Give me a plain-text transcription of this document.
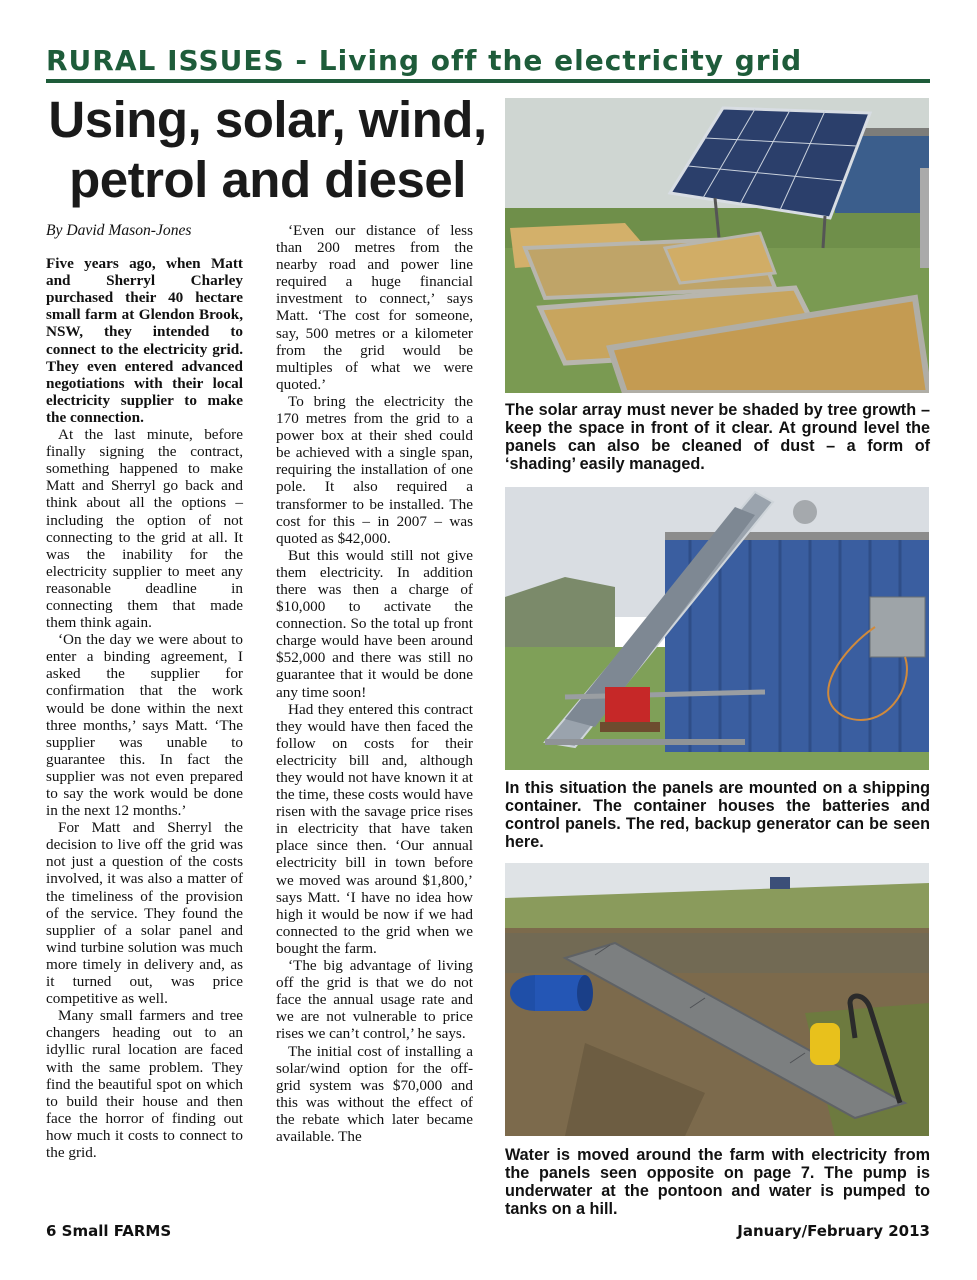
RURAL ISSUES - Living off the electricity grid
Using, solar, wind,
petrol and diesel

By David Mason-Jones

Five years ago, when Matt and Sherryl Charley purchased their 40 hectare small farm at Glendon Brook, NSW, they intended to connect to the electricity grid. They even entered advanced negotiations with their local electricity supplier to make the connection.

At the last minute, before finally signing the contract, something happened to make Matt and Sherryl go back and think about all the options – including the option of not connecting to the grid at all. It was the inability for the electricity supplier to meet any reasonable deadline in connecting them that made them think again.

‘On the day we were about to enter a binding agreement, I asked the supplier for confirmation that the work would be done within the next three months,’ says Matt. ‘The supplier was unable to guarantee this. In fact the supplier was not even prepared to say the work would be done in the next 12 months.’

For Matt and Sherryl the decision to live off the grid was not just a question of the costs involved, it was also a matter of the timeliness of the provision of the service. They found the supplier of a solar panel and wind turbine solution was much more timely in delivery and, as it turned out, was price competitive as well.

Many small farmers and tree changers heading out to an idyllic rural location are faced with the same problem. They find the beautiful spot on which to build their house and then face the horror of finding out how much it costs to connect to the grid.

‘Even our distance of less than 200 metres from the nearby road and power line required a huge financial investment to connect,’ says Matt. ‘The cost for someone, say, 500 metres or a kilometer from the grid would be multiples of what we were quoted.’

To bring the electricity the 170 metres from the grid to a power box at their shed could be achieved with a single span, requiring the installation of one pole. It also required a transformer to be installed. The cost for this – in 2007 – was quoted as $42,000.

But this would still not give them electricity. In addition there was then a charge of $10,000 to activate the connection. So the total up front charge would have been around $52,000 and there was still no guarantee that it would be done any time soon!

Had they entered this contract they would have then faced the follow on costs for their electricity bill and, although they would not have known it at the time, these costs would have risen with the savage price rises in electricity that have taken place since then. ‘Our annual electricity bill in town before we moved was around $1,800,’ says Matt. ‘I have no idea how high it would be now if we had connected to the grid when we bought the farm.

‘The big advantage of living off the grid is that we do not face the annual usage rate and we are not vulnerable to price rises we can’t control,’ he says.

The initial cost of installing a solar/wind option for the off-grid system was $70,000 and this was without the effect of the rebate which later became available. The

The solar array must never be shaded by tree growth – keep the space in front of it clear. At ground level the panels can also be cleaned of dust – a form of ‘shading’ easily managed.
In this situation the panels are mounted on a shipping container. The container houses the batteries and control panels. The red, backup generator can be seen here.
Water is moved around the farm with electricity from the panels seen opposite on page 7. The pump is underwater at the pontoon and water is pumped to tanks on a hill.
6 Small FARMS	January/February 2013
